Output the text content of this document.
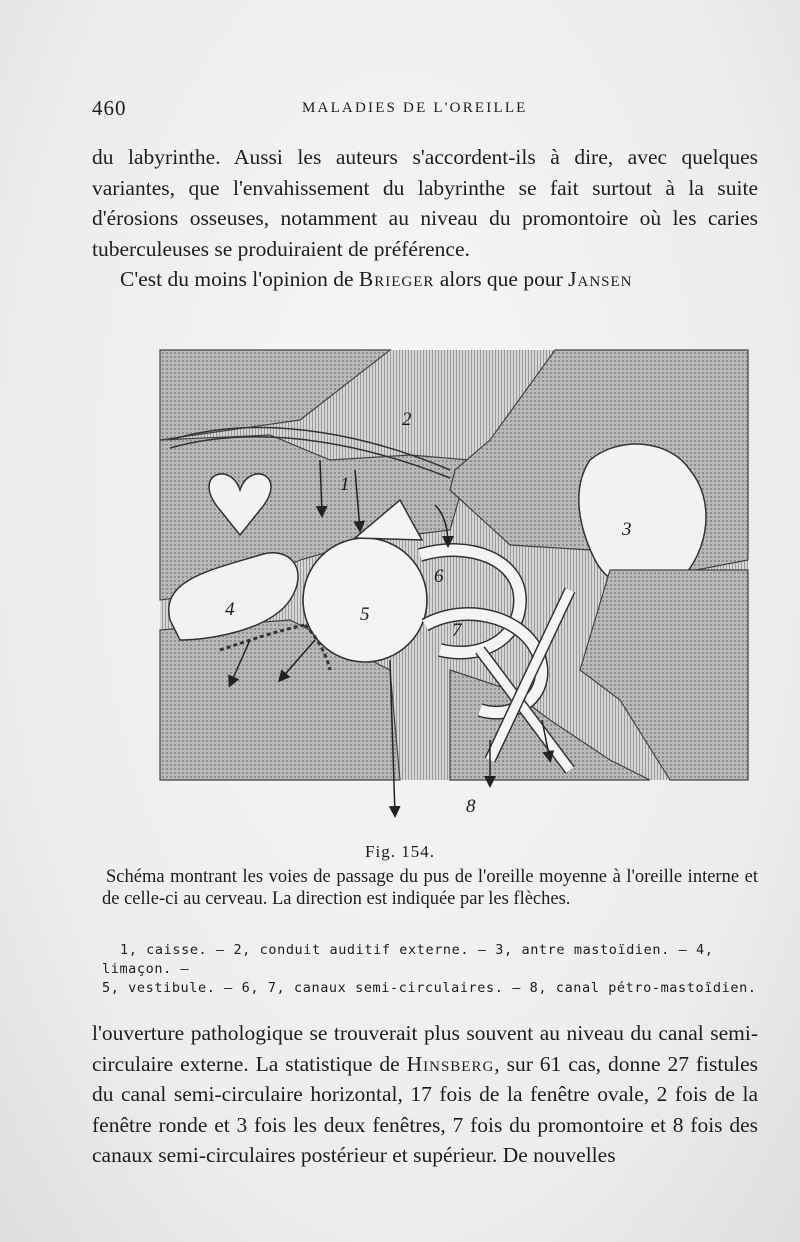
460	MALADIES DE L'OREILLE

du labyrinthe. Aussi les auteurs s'accordent-ils à dire, avec quelques variantes, que l'envahissement du labyrinthe se fait surtout à la suite d'érosions osseuses, notamment au niveau du promontoire où les caries tuberculeuses se produiraient de préférence.

C'est du moins l'opinion de Brieger alors que pour Jansen

1
2
3
4	5
6
7
8
Fig. 154.
Schéma montrant les voies de passage du pus de l'oreille moyenne à l'oreille interne et de celle-ci au cerveau. La direction est indiquée par les flèches.

1, caisse. — 2, conduit auditif externe. — 3, antre mastoïdien. — 4, limaçon. —

5, vestibule. — 6, 7, canaux semi-circulaires. — 8, canal pétro-mastoïdien.

l'ouverture pathologique se trouverait plus souvent au niveau du canal semi-circulaire externe. La statistique de Hinsberg, sur 61 cas, donne 27 fistules du canal semi-circulaire horizontal, 17 fois de la fenêtre ovale, 2 fois de la fenêtre ronde et 3 fois les deux fenêtres, 7 fois du promontoire et 8 fois des canaux semi-circulaires postérieur et supérieur. De nouvelles
